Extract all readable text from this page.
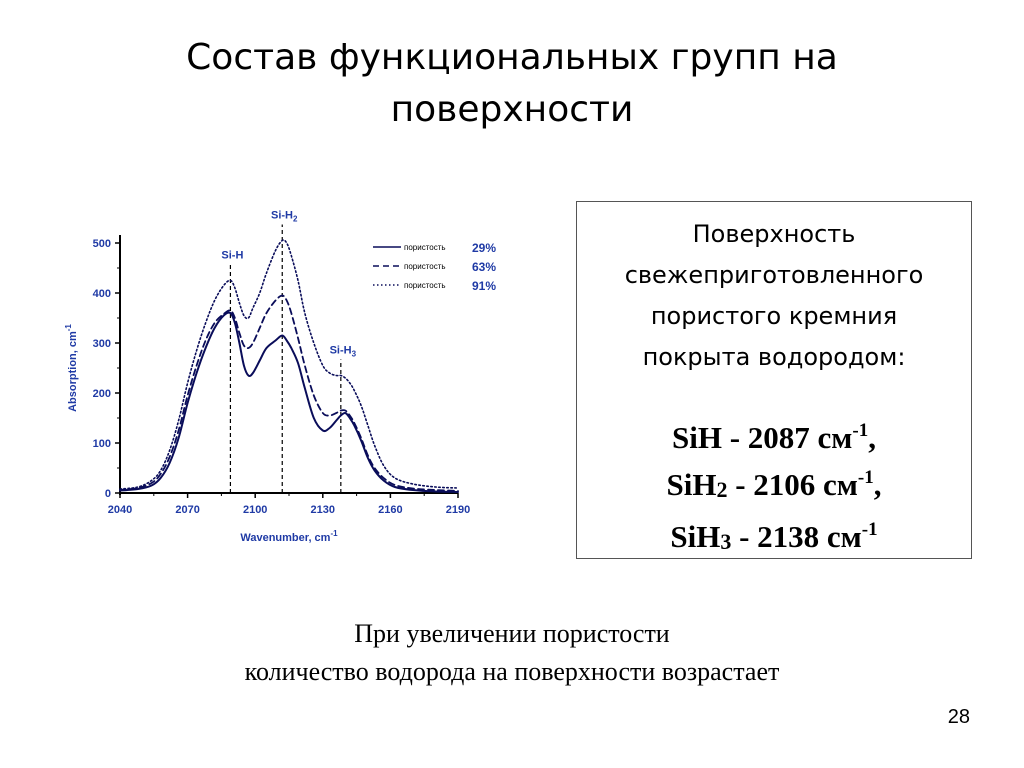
Состав функциональных групп на
поверхности
2040	2070	2100	2130	2160	2190
0
100
200
300
400
500
Si-H
$Si-H_2$
$Si-H_3$
Wavenumber, $cm^{-1}$
Absorption, $cm^{-1}$
пористость 29%
пористость 63%
пористость 91%
Поверхность
свежеприготовленного
пористого кремния
покрыта водородом:
SiH - 2087 $см^{-1}$,
SiH$_2$ - 2106 $см^{-1}$,
SiH$_3$ - 2138 $см^{-1}$
При увеличении пористости
количество водорода на поверхности возрастает
28
